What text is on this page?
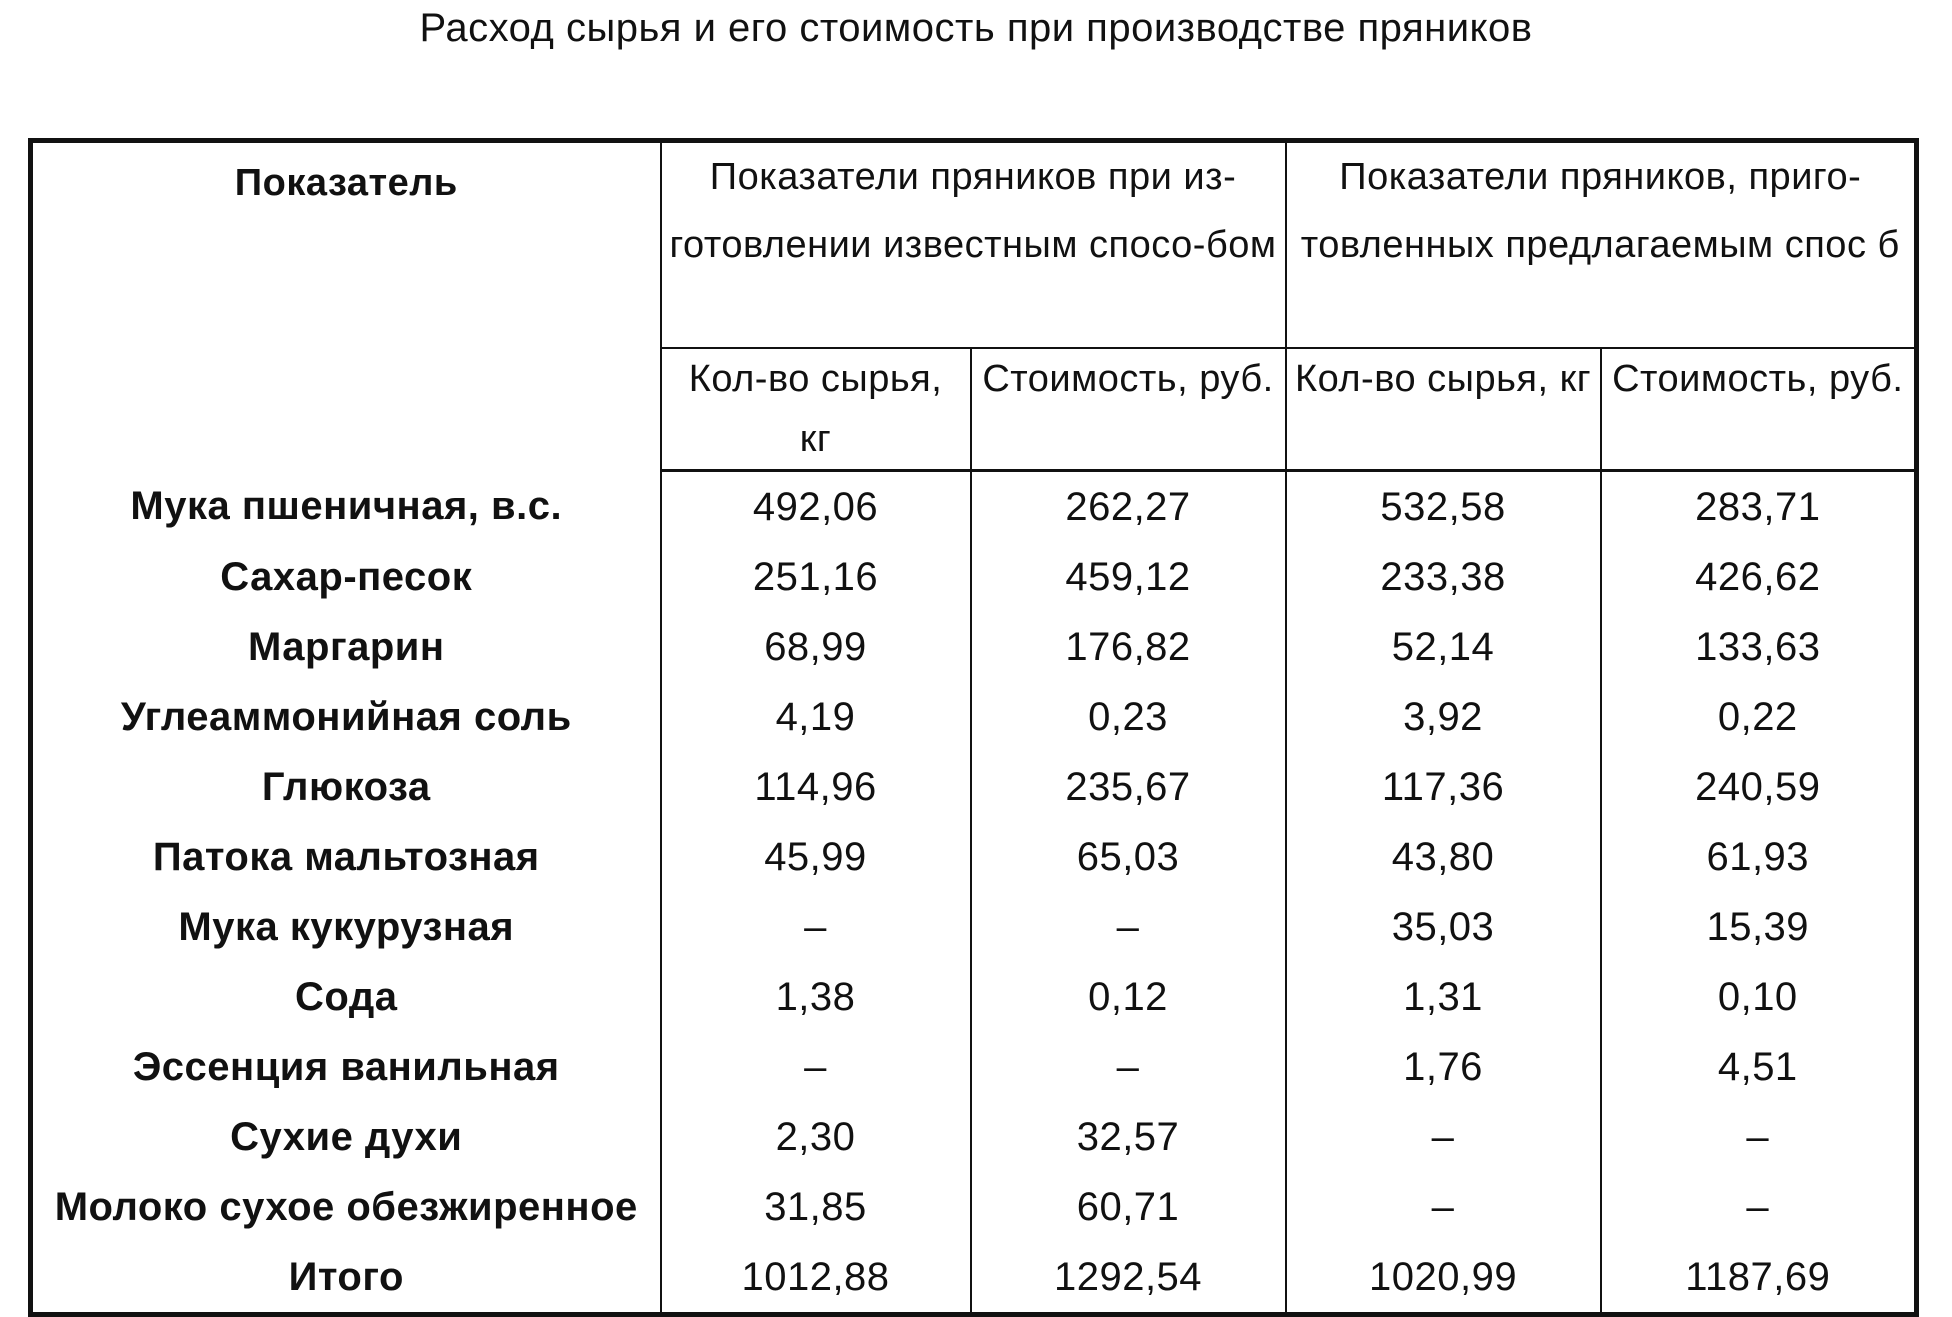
Расход сырья и его стоимость при производстве пряников
Показатель	Показатели пряников при из-готовлении известным спосо-бом		Показатели пряников, приго-товленных предлагаемым спос б	
	Кол-во сырья, кг	Стоимость, руб.	Кол-во сырья, кг	Стоимость, руб.
Мука пшеничная, в.с.	492,06	262,27	532,58	283,71
Сахар-песок	251,16	459,12	233,38	426,62
Маргарин	68,99	176,82	52,14	133,63
Углеаммонийная соль	4,19	0,23	3,92	0,22
Глюкоза	114,96	235,67	117,36	240,59
Патока мальтозная	45,99	65,03	43,80	61,93
Мука кукурузная	–	–	35,03	15,39
Сода	1,38	0,12	1,31	0,10
Эссенция ванильная	–	–	1,76	4,51
Сухие духи	2,30	32,57	–	–
Молоко сухое обезжиренное	31,85	60,71	–	–
Итого	1012,88	1292,54	1020,99	1187,69
